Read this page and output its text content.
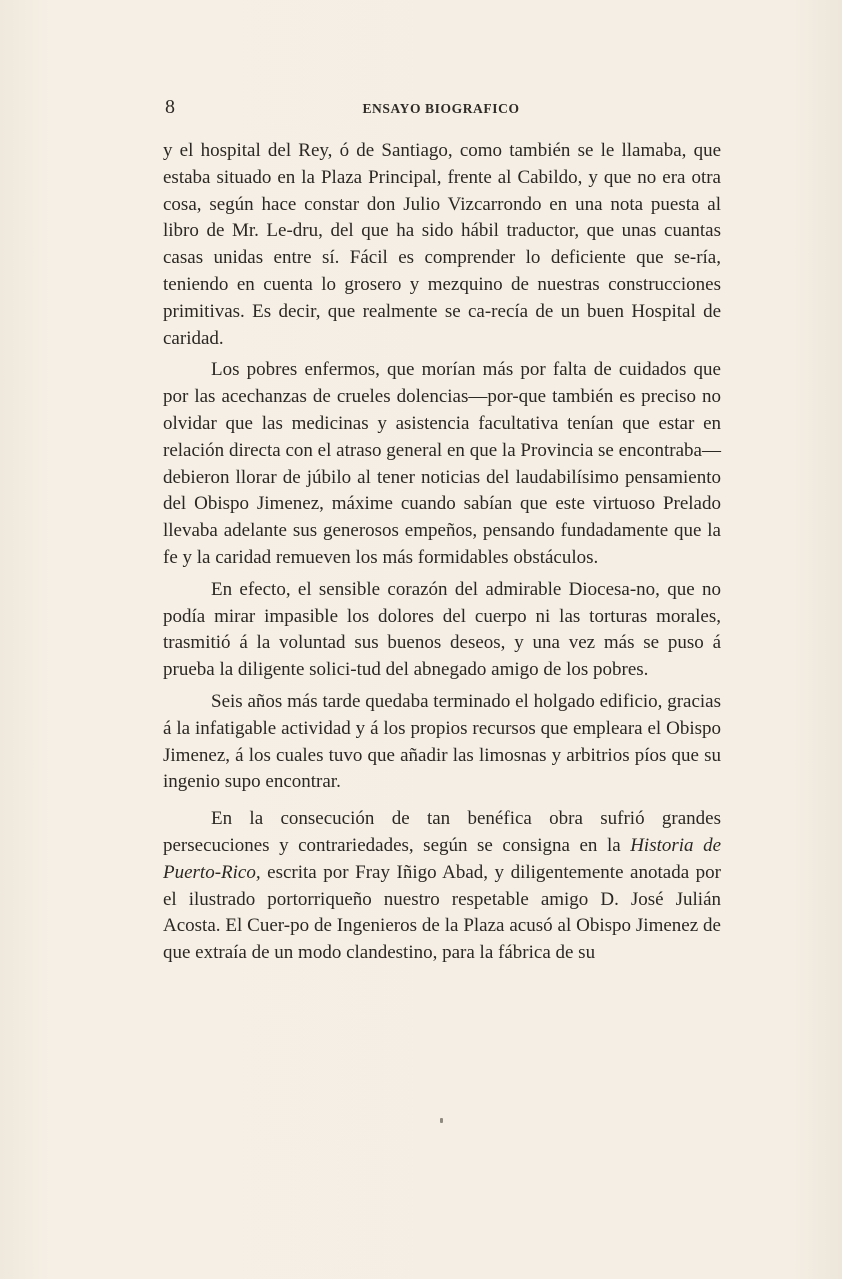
8	ENSAYO BIOGRAFICO

y el hospital del Rey, ó de Santiago, como también se le llamaba, que estaba situado en la Plaza Principal, frente al Cabildo, y que no era otra cosa, según hace constar don Julio Vizcarrondo en una nota puesta al libro de Mr. Le-dru, del que ha sido hábil traductor, que unas cuantas casas unidas entre sí. Fácil es comprender lo deficiente que se-ría, teniendo en cuenta lo grosero y mezquino de nuestras construcciones primitivas. Es decir, que realmente se ca-recía de un buen Hospital de caridad.

Los pobres enfermos, que morían más por falta de cuidados que por las acechanzas de crueles dolencias—por-que también es preciso no olvidar que las medicinas y asistencia facultativa tenían que estar en relación directa con el atraso general en que la Provincia se encontraba—debieron llorar de júbilo al tener noticias del laudabilísimo pensamiento del Obispo Jimenez, máxime cuando sabían que este virtuoso Prelado llevaba adelante sus generosos empeños, pensando fundadamente que la fe y la caridad remueven los más formidables obstáculos.

En efecto, el sensible corazón del admirable Diocesa-no, que no podía mirar impasible los dolores del cuerpo ni las torturas morales, trasmitió á la voluntad sus buenos deseos, y una vez más se puso á prueba la diligente solici-tud del abnegado amigo de los pobres.

Seis años más tarde quedaba terminado el holgado edificio, gracias á la infatigable actividad y á los propios recursos que empleara el Obispo Jimenez, á los cuales tuvo que añadir las limosnas y arbitrios píos que su ingenio supo encontrar.

En la consecución de tan benéfica obra sufrió grandes persecuciones y contrariedades, según se consigna en la Historia de Puerto-Rico, escrita por Fray Iñigo Abad, y diligentemente anotada por el ilustrado portorriqueño nuestro respetable amigo D. José Julián Acosta. El Cuer-po de Ingenieros de la Plaza acusó al Obispo Jimenez de que extraía de un modo clandestino, para la fábrica de su
